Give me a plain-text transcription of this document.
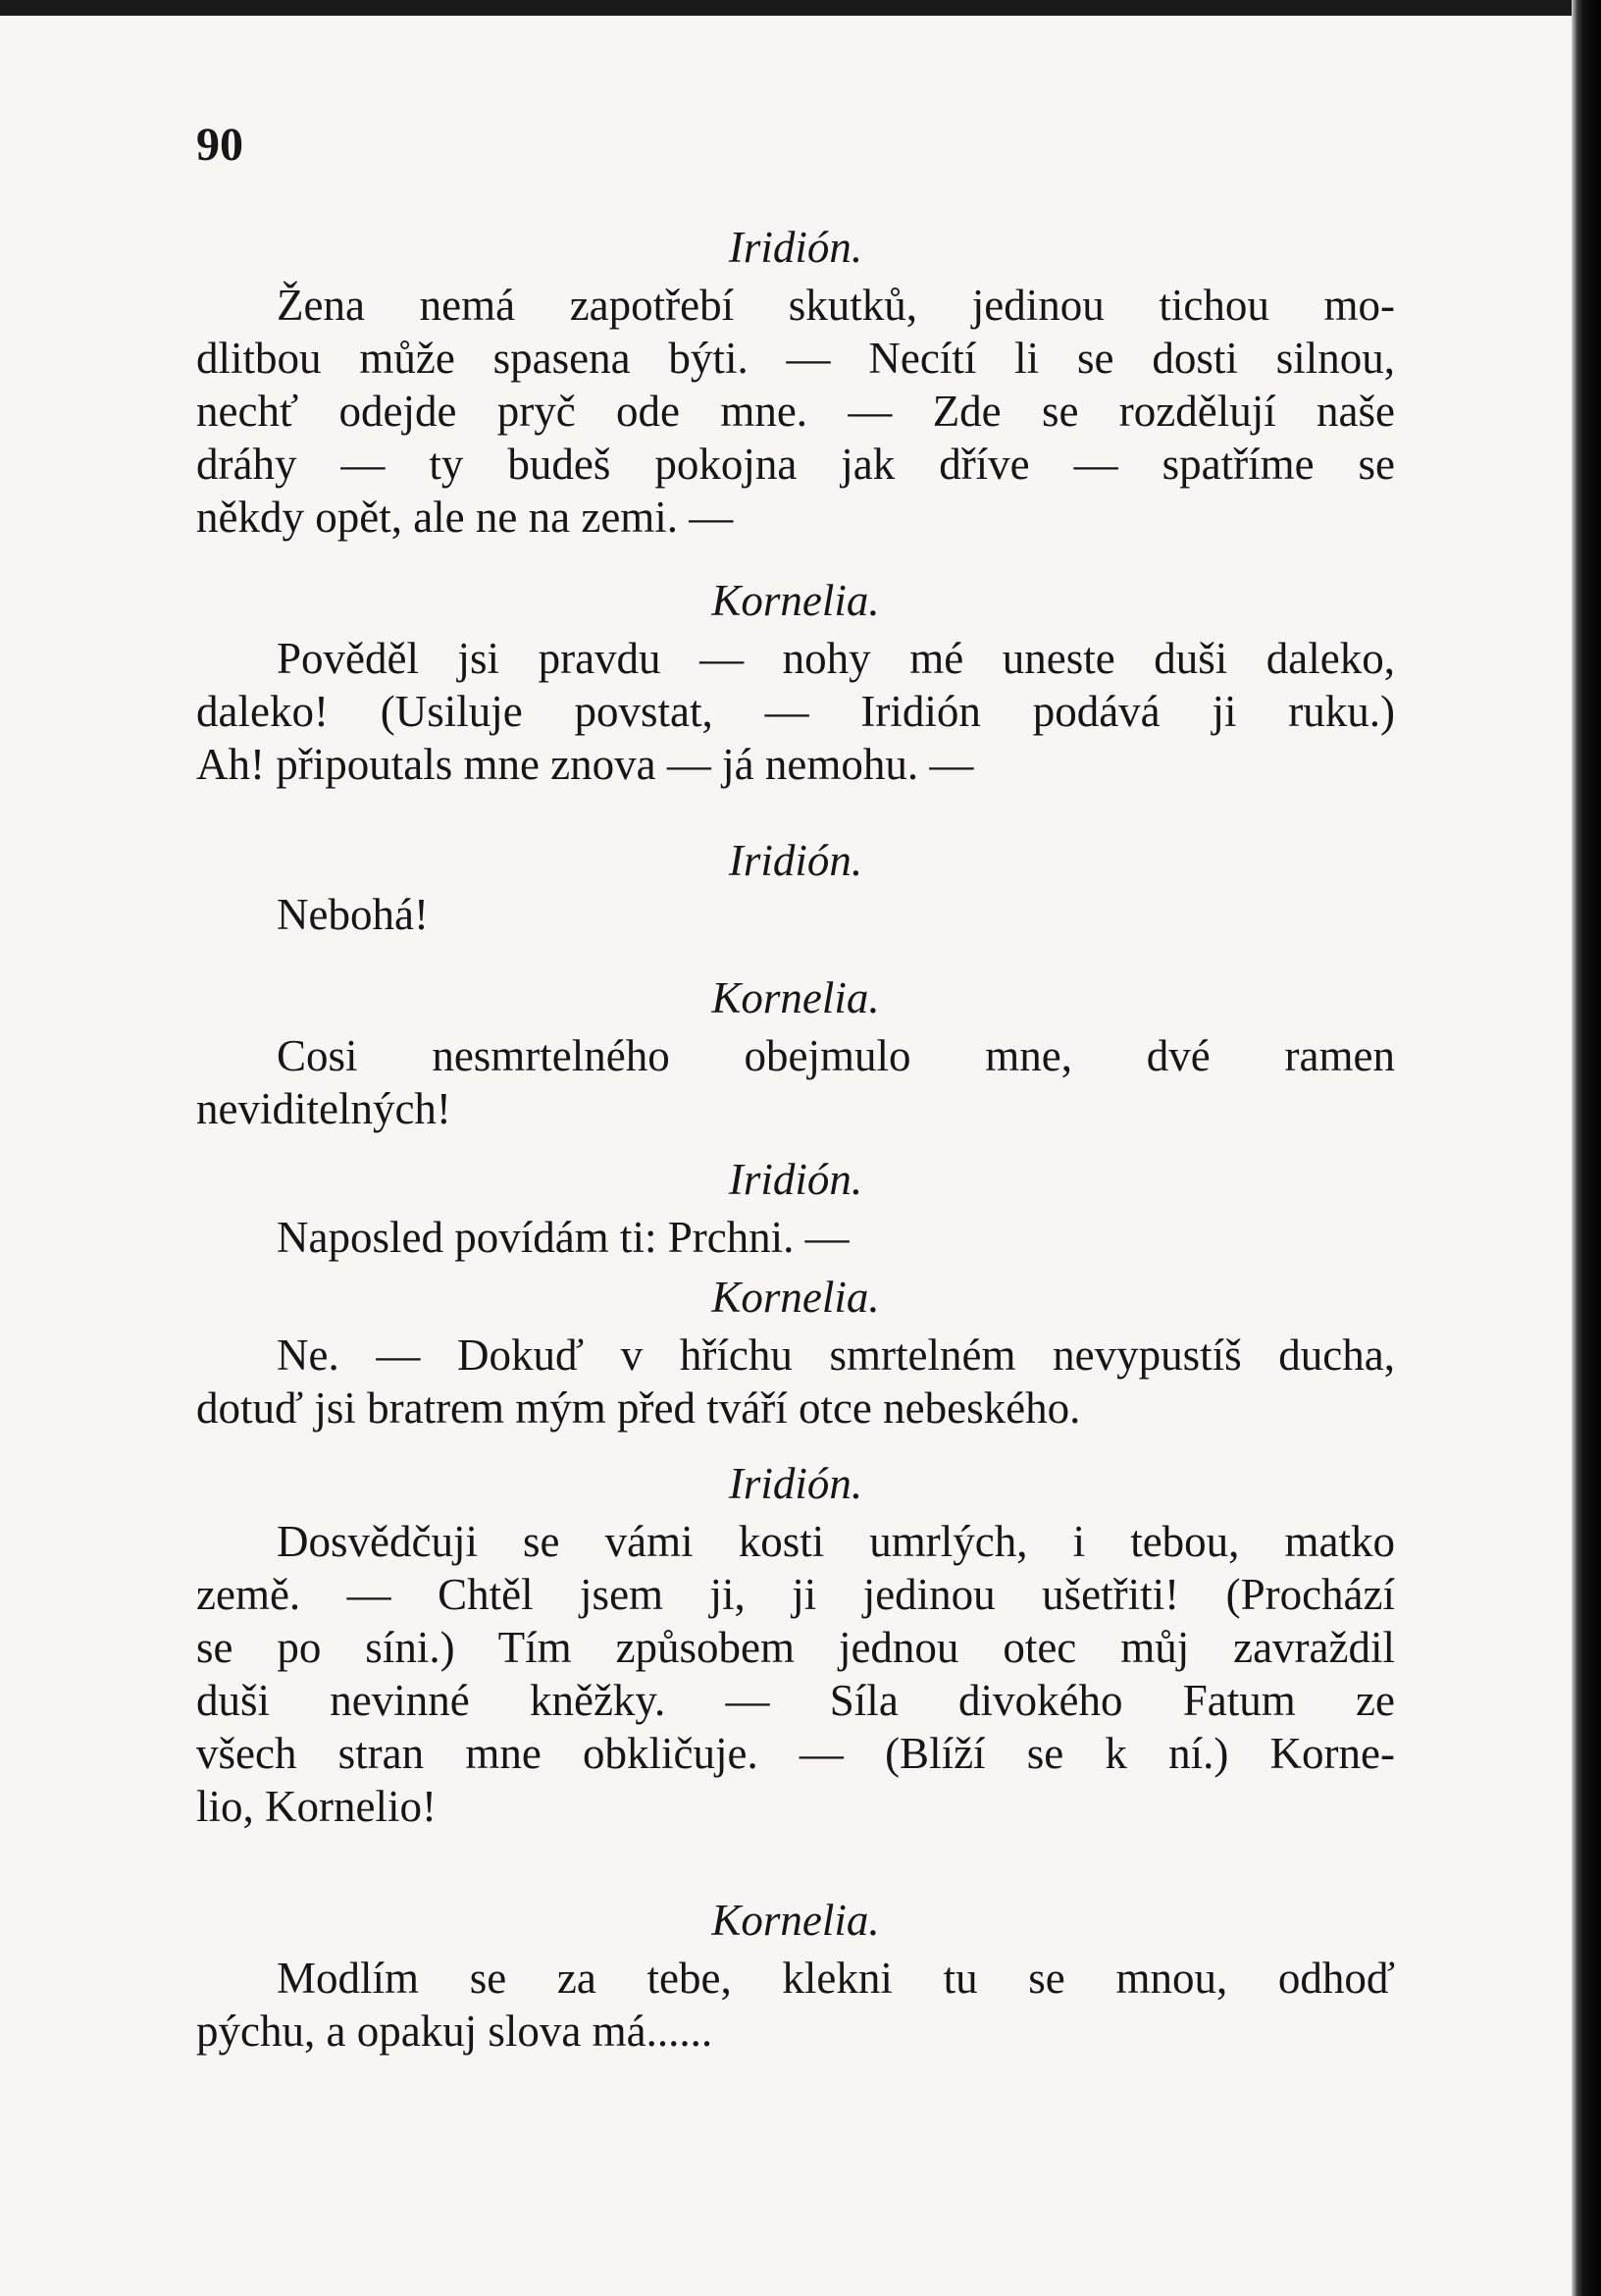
90
Iridión.
Žena nemá zapotřebí skutků, jedinou tichou mo-
dlitbou může spasena býti. — Necítí li se dosti silnou,
nechť odejde pryč ode mne. — Zde se rozdělují naše
dráhy — ty budeš pokojna jak dříve — spatříme se
někdy opět, ale ne na zemi. —
Kornelia.
Pověděl jsi pravdu — nohy mé uneste duši daleko,
daleko! (Usiluje povstat, — Iridión podává ji ruku.)
Ah! připoutals mne znova — já nemohu. —
Iridión.
Nebohá!
Kornelia.
Cosi nesmrtelného obejmulo mne, dvé ramen
neviditelných!
Iridión.
Naposled povídám ti: Prchni. —
Kornelia.
Ne. — Dokuď v hříchu smrtelném nevypustíš ducha,
dotuď jsi bratrem mým před tváří otce nebeského.
Iridión.
Dosvědčuji se vámi kosti umrlých, i tebou, matko
země. — Chtěl jsem ji, ji jedinou ušetřiti! (Prochází
se po síni.) Tím způsobem jednou otec můj zavraždil
duši nevinné kněžky. — Síla divokého Fatum ze
všech stran mne obkličuje. — (Blíží se k ní.) Korne-
lio, Kornelio!
Kornelia.
Modlím se za tebe, klekni tu se mnou, odhoď
pýchu, a opakuj slova má......
